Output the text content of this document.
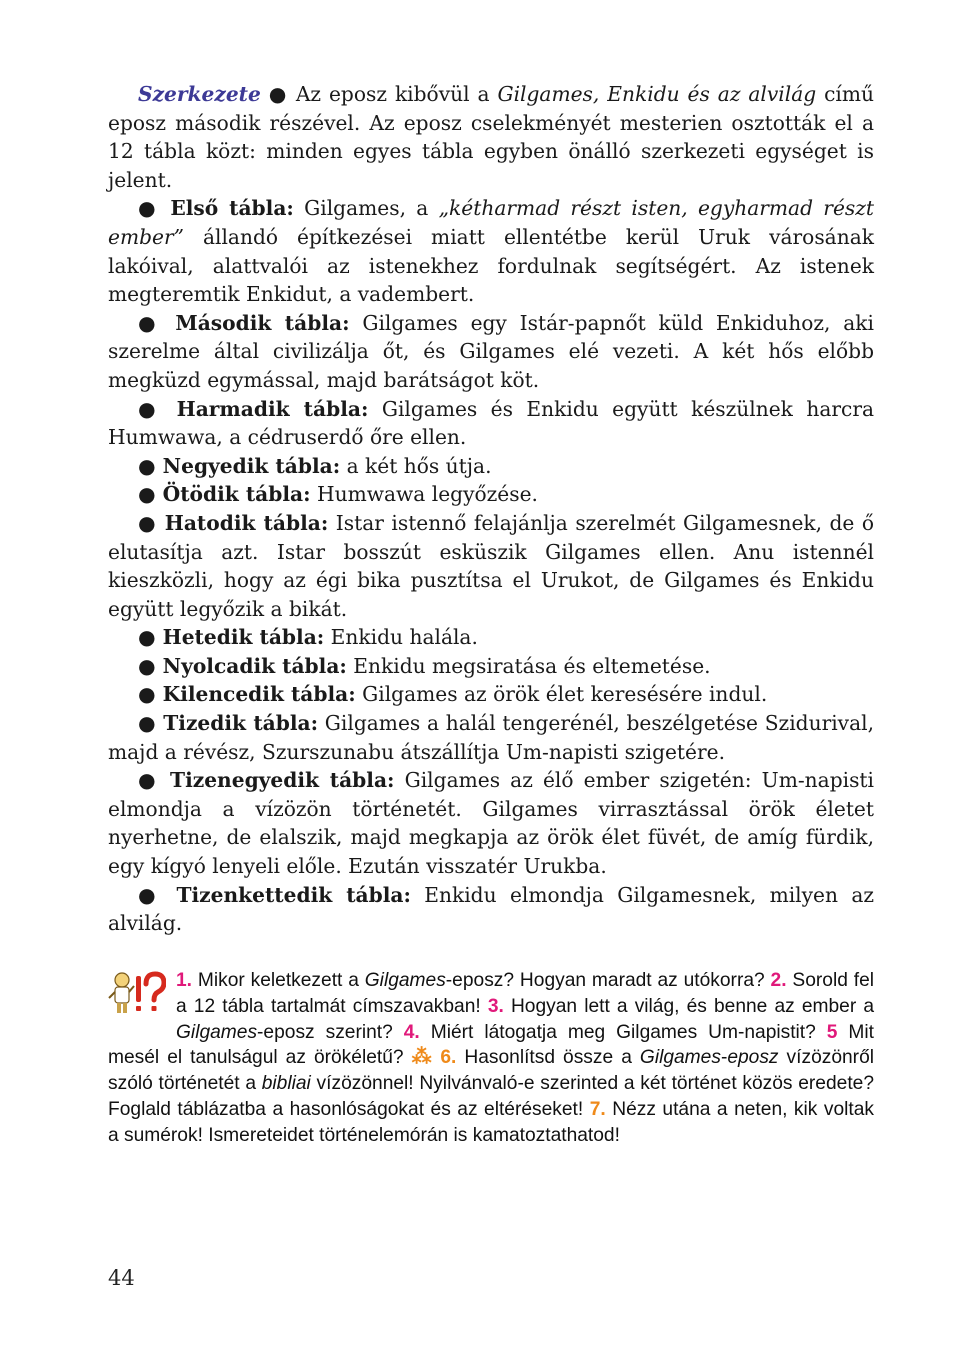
Szerkezete ● Az eposz kibővül a Gilgames, Enkidu és az alvilág című eposz második részével. Az eposz cselekményét mesterien osztották el a 12 tábla közt: minden egyes tábla egyben önálló szerkezeti egységet is jelent.

● Első tábla: Gilgames, a „kétharmad részt isten, egyharmad részt ember” állandó építkezései miatt ellentétbe kerül Uruk városának lakóival, alattvalói az istenekhez fordulnak segítségért. Az istenek megteremtik Enkidut, a vadembert.

● Második tábla: Gilgames egy Istár-papnőt küld Enkiduhoz, aki szerelme által civilizálja őt, és Gilgames elé vezeti. A két hős előbb megküzd egymással, majd barátságot köt.

● Harmadik tábla: Gilgames és Enkidu együtt készülnek harcra Humwawa, a cédruserdő őre ellen.

● Negyedik tábla: a két hős útja.

● Ötödik tábla: Humwawa legyőzése.

● Hatodik tábla: Istar istennő felajánlja szerelmét Gilgamesnek, de ő elutasítja azt. Istar bosszút esküszik Gilgames ellen. Anu istennél kieszközli, hogy az égi bika pusztítsa el Urukot, de Gilgames és Enkidu együtt legyőzik a bikát.

● Hetedik tábla: Enkidu halála.

● Nyolcadik tábla: Enkidu megsiratása és eltemetése.

● Kilencedik tábla: Gilgames az örök élet keresésére indul.

● Tizedik tábla: Gilgames a halál tengerénél, beszélgetése Szidurival, majd a révész, Szurszunabu átszállítja Um-napisti szigetére.

● Tizenegyedik tábla: Gilgames az élő ember szigetén: Um-napisti elmondja a vízözön történetét. Gilgames virrasztással örök életet nyerhetne, de elalszik, majd megkapja az örök élet füvét, de amíg fürdik, egy kígyó lenyeli előle. Ezután visszatér Urukba.

● Tizenkettedik tábla: Enkidu elmondja Gilgamesnek, milyen az alvilág.

1. Mikor keletkezett a Gilgames-eposz? Hogyan maradt az utókorra? 2. Sorold fel a 12 tábla tartalmát címszavakban! 3. Hogyan lett a világ, és benne az ember a Gilgames-eposz szerint? 4. Miért látogatja meg Gilgames Um-napistit? 5 Mit mesél el tanulságul az örökéletű? ⁂ 6. Hasonlítsd össze a Gilgames-eposz vízözönről szóló történetét a bibliai vízözönnel! Nyilvánvaló-e szerinted a két történet közös eredete? Foglald táblázatba a hasonlóságokat és az eltéréseket! 7. Nézz utána a neten, kik voltak a sumérok! Ismereteidet történelemórán is kamatoztathatod!
44
